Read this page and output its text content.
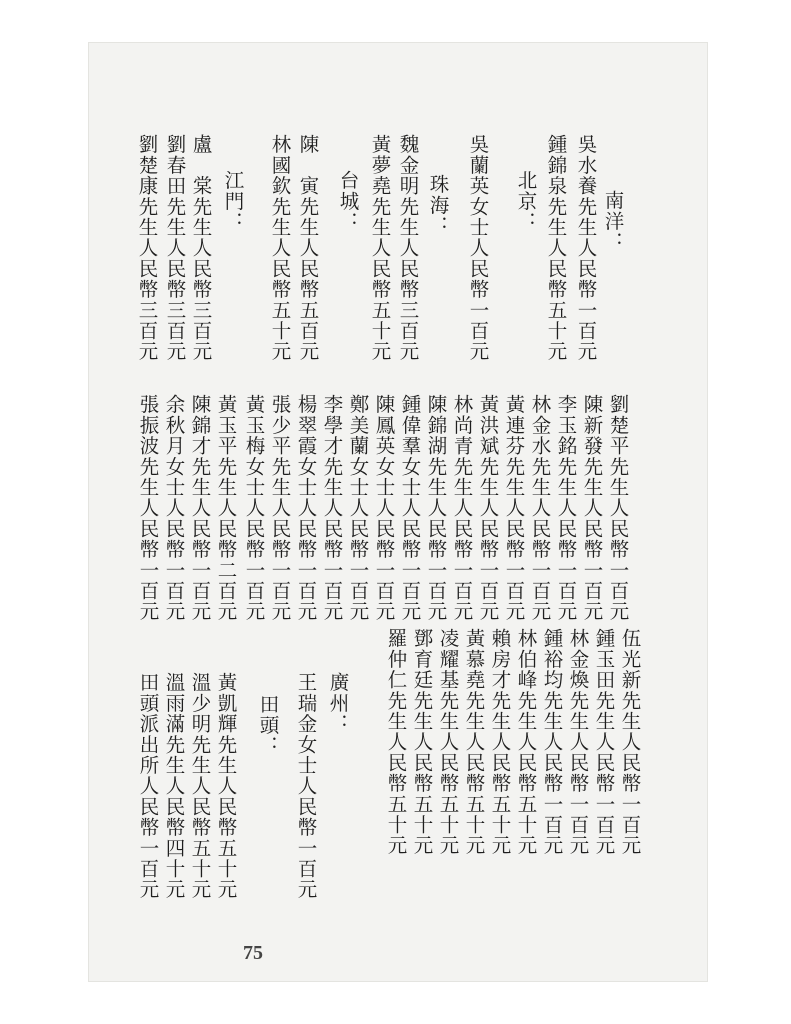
南洋：
吳水養先生人民幣一百元
鍾錦泉先生人民幣五十元
北京：
吳蘭英女士人民幣一百元
珠海：
魏金明先生人民幣三百元
黃夢堯先生人民幣五十元
台城：
陳　寅先生人民幣五百元
林國欽先生人民幣五十元
江門：
盧　棠先生人民幣三百元
劉春田先生人民幣三百元
劉楚康先生人民幣三百元
劉楚平先生人民幣一百元
陳新發先生人民幣一百元
李玉銘先生人民幣一百元
林金水先生人民幣一百元
黃連芬先生人民幣一百元
黃洪斌先生人民幣一百元
林尚青先生人民幣一百元
陳錦湖先生人民幣一百元
鍾偉羣女士人民幣一百元
陳鳳英女士人民幣一百元
鄭美蘭女士人民幣一百元
李學才先生人民幣一百元
楊翠霞女士人民幣一百元
張少平先生人民幣一百元
黃玉梅女士人民幣一百元
黃玉平先生人民幣二百元
陳錦才先生人民幣一百元
余秋月女士人民幣一百元
張振波先生人民幣一百元
伍光新先生人民幣一百元
鍾玉田先生人民幣一百元
林金煥先生人民幣一百元
鍾裕均先生人民幣一百元
林伯峰先生人民幣五十元
賴房才先生人民幣五十元
黃慕堯先生人民幣五十元
凌耀基先生人民幣五十元
鄧育廷先生人民幣五十元
羅仲仁先生人民幣五十元
廣州：
王瑞金女士人民幣一百元
田頭：
黃凱輝先生人民幣五十元
溫少明先生人民幣五十元
溫雨滿先生人民幣四十元
田頭派出所人民幣一百元
75
